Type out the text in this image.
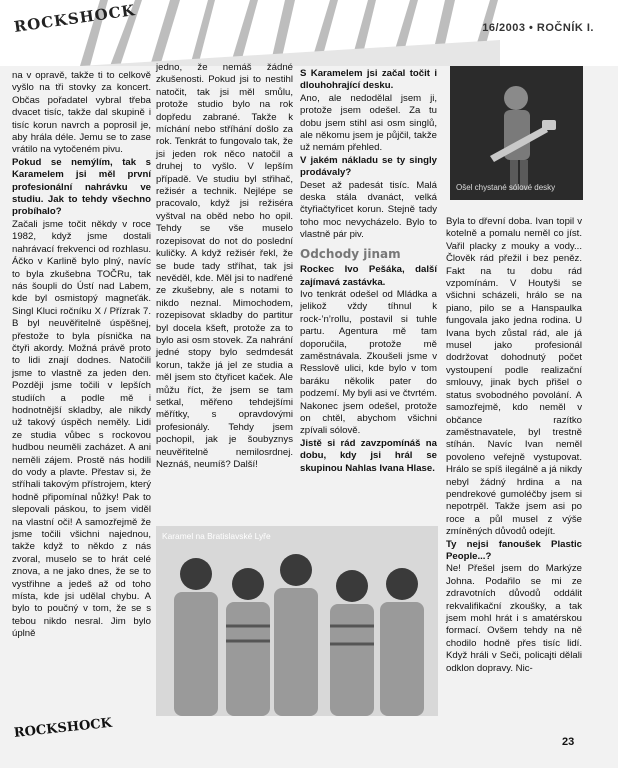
ROCKSHOCK	16/2003 • ROČNÍK I.

na v opravě, takže ti to celkově vyšlo na tři stovky za koncert. Občas pořadatel vybral třeba dvacet tisíc, takže dal skupině i tisíc korun navrch a poprosil je, aby hrála déle. Jemu se to zase vrátilo na vytočeném pivu.

Pokud se nemýlím, tak s Karamelem jsi měl první profesionální nahrávku ve studiu. Jak to tehdy všechno probíhalo?

Začali jsme točit někdy v roce 1982, když jsme dostali nahrávací frekvenci od rozhlasu. Áčko v Karlině bylo plný, navíc to byla zkušebna TOČRu, tak nás šoupli do Ústí nad Labem, kde byl osmistopý magneťák. Singl Kluci ročníku X / Přízrak 7. B byl neuvěřitelně úspěšnej, přestože to byla písnička na čtyři akordy. Možná právě proto to lidi znají dodnes. Natočili jsme to vlastně za jeden den. Později jsme točili v lepších studiích a podle mě i hodnotnější skladby, ale nikdy už takový úspěch neměly. Lidi ze studia vůbec s rockovou hudbou neuměli zacházet. A ani neměli zájem. Prostě nás hodili do vody a plavte. Přestav si, že stříhali takovým přístrojem, který hodně připomínal nůžky! Pak to slepovali páskou, to jsem viděl na vlastní oči! A samozřejmě že jsme točili všichni najednou, takže když to někdo z nás zvoral, muselo se to hrát celé znova, a ne jako dnes, že se to vystřihne a jedeš až od toho místa, kde jsi udělal chybu. A bylo to poučný v tom, že se s tebou nikdo nesral. Jim bylo úplně

jedno, že nemáš žádné zkušenosti. Pokud jsi to nestihl natočit, tak jsi měl smůlu, protože studio bylo na rok dopředu zabrané. Takže k míchání nebo stříhání došlo za rok. Tenkrát to fungovalo tak, že jsi jeden rok něco natočil a druhej to vyšlo. V lepším případě. Ve studiu byl střihač, režisér a technik. Nejlépe se pracovalo, když jsi režiséra vyštval na oběd nebo ho opil. Tehdy se vše muselo rozepisovat do not do poslední kuličky. A když režisér řekl, že se bude tady stříhat, tak jsi nevěděl, kde. Měl jsi to nadřené ze zkušebny, ale s notami to nikdo neznal. Mimochodem, rozepisovat skladby do partitur byl docela kšeft, protože za to bylo asi osm stovek. Za nahrání jedné stopy bylo sedmdesát korun, takže já jel ze studia a měl jsem sto čtyřicet kaček. Ale můžu říct, že jsem se tam setkal, měřeno tehdejšími měřítky, s opravdovými profesionály. Tehdy jsem pochopil, jak je šoubyznys neuvěřitelně nemilosrdnej. Neznáš, neumíš? Další!

S Karamelem jsi začal točit i dlouhohrající desku.

Ano, ale nedodělal jsem ji, protože jsem odešel. Za tu dobu jsem stihl asi osm singlů, ale někomu jsem je půjčil, takže už nemám přehled.

V jakém nákladu se ty singly prodávaly?

Deset až padesát tisíc. Malá deska stála dvanáct, velká čtyřiačtyřicet korun. Stejně tady toho moc nevycházelo. Bylo to vlastně pár piv.

Odchody jinam

Rockec Ivo Pešáka, další zajímavá zastávka.

Ivo tenkrát odešel od Mládka a jelikož vždy tíhnul k rock-’n’rollu, postavil si tuhle partu. Agentura mě tam doporučila, protože mě zaměstnávala. Zkoušeli jsme v Resslově ulici, kde bylo v tom baráku několik pater do podzemí. My byli asi ve čtvrtém. Nakonec jsem odešel, protože on chtěl, abychom všichni zpívali sólově.

Jistě si rád zavzpomínáš na dobu, kdy jsi hrál se skupinou Nahlas Ivana Hlase.

Byla to dřevní doba. Ivan topil v kotelně a pomalu neměl co jíst. Vařil placky z mouky a vody... Člověk rád přežil i bez peněz. Fakt na tu dobu rád vzpomínám. V Houtyši se všichni scházeli, hrálo se na piano, pilo se a Hanspaulka fungovala jako jedna rodina. U Ivana bych zůstal rád, ale já musel jako profesionál dodržovat dohodnutý počet vystoupení podle realizační smlouvy, jinak bych přišel o status svobodného povolání. A samozřejmě, kdo neměl v občance razítko zaměstnavatele, byl trestně stíhán. Navíc Ivan neměl povoleno veřejně vystupovat. Hrálo se spíš ilegálně a já nikdy nebyl žádný hrdina a na pendrekové gumoléčby jsem si nepotrpěl. Takže jsem asi po roce a půl musel z výše zmíněných důvodů odejít.

Ty nejsi fanoušek Plastic People...?

Ne! Přešel jsem do Markýze Johna. Podařilo se mi ze zdravotních důvodů oddálit rekvalifikační zkoušky, a tak jsem mohl hrát i s amatérskou formací. Ovšem tehdy na ně chodilo hodně přes tisíc lidí. Když hráli v Seči, policajti dělali odklon dopravy. Nic-

Ošel chystané sólové desky
Karamel na Bratislavské Lyře
ROCKSHOCK
23
